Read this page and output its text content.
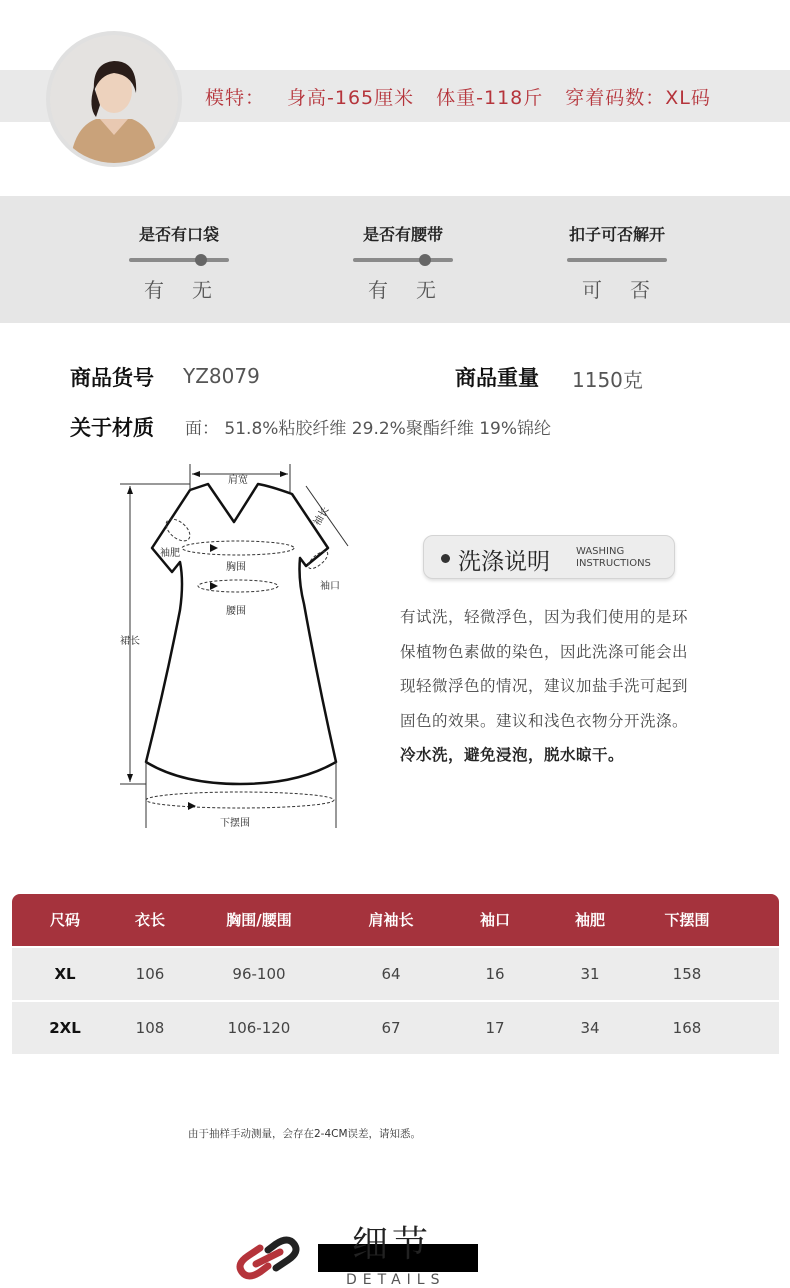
模特： 身高-165厘米 体重-118斤 穿着码数：XL码
是否有口袋
有 无
是否有腰带
有 无
扣子可否解开
可 否
商品货号 YZ8079	商品重量 1150克
关于材质 面： 51.8%粘胶纤维 29.2%聚酯纤维 19%锦纶
肩宽
袖长
袖肥
胸围
袖口
腰围
裙长
下摆围
洗涤说明	WASHING
INSTRUCTIONS

有试洗，轻微浮色，因为我们使用的是环

保植物色素做的染色，因此洗涤可能会出

现轻微浮色的情况，建议加盐手洗可起到

固色的效果。建议和浅色衣物分开洗涤。

冷水洗，避免浸泡，脱水晾干。

尺码	衣长	胸围/腰围	肩袖长	袖口	袖肥	下摆围
XL	106	96-100	64	16	31	158
2XL	108	106-120	67	17	34	168
由于抽样手动测量，会存在2-4CM误差，请知悉。
细节
DETAILS
